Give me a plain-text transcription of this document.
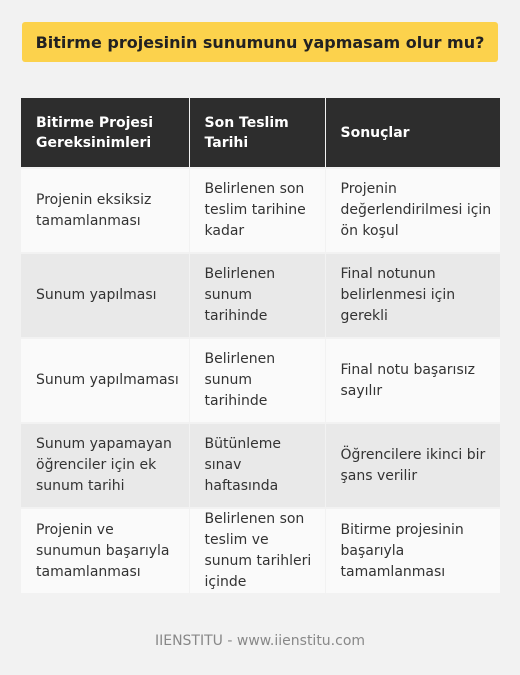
Bitirme projesinin sunumunu yapmasam olur mu?
Bitirme Projesi Gereksinimleri	Son Teslim Tarihi	Sonuçlar
Projenin eksiksiz tamamlanması	Belirlenen son teslim tarihine kadar	Projenin değerlendirilmesi için ön koşul
Sunum yapılması	Belirlenen sunum tarihinde	Final notunun belirlenmesi için gerekli
Sunum yapılmaması	Belirlenen sunum tarihinde	Final notu başarısız sayılır
Sunum yapamayan öğrenciler için ek sunum tarihi	Bütünleme sınav haftasında	Öğrencilere ikinci bir şans verilir
Projenin ve sunumun başarıyla tamamlanması	Belirlenen son teslim ve sunum tarihleri içinde	Bitirme projesinin başarıyla tamamlanması
IIENSTITU - www.iienstitu.com
